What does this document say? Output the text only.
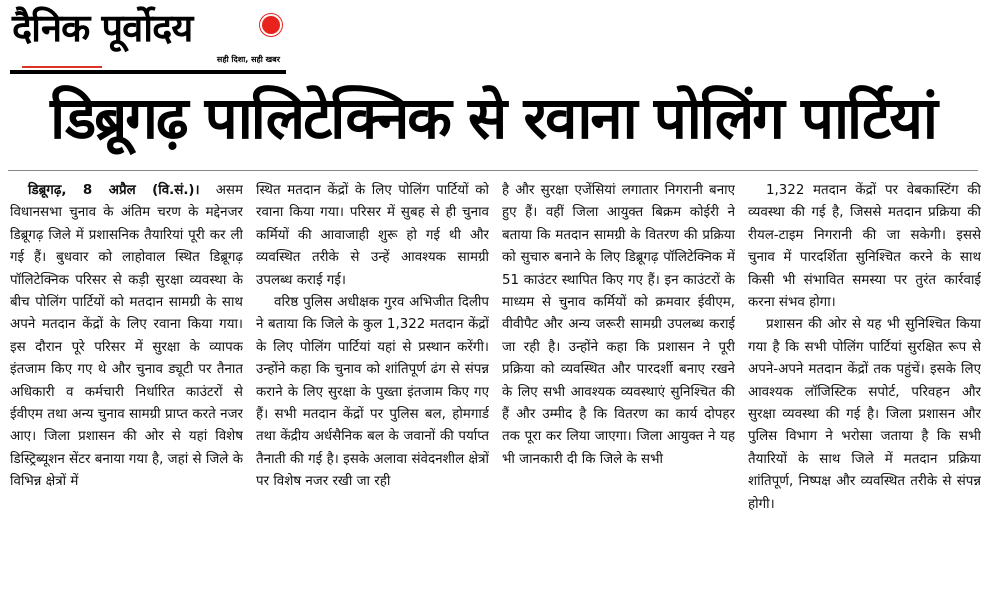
दैनिक पूर्वोदय
सही दिशा, सही खबर
डिब्रूगढ़ पालिटेक्निक से रवाना पोलिंग पार्टियां

डिब्रूगढ़, 8 अप्रैल (वि.सं.)। असम विधानसभा चुनाव के अंतिम चरण के मद्देनजर डिब्रूगढ़ जिले में प्रशासनिक तैयारियां पूरी कर ली गई हैं। बुधवार को लाहोवाल स्थित डिब्रूगढ़ पॉलिटेक्निक परिसर से कड़ी सुरक्षा व्यवस्था के बीच पोलिंग पार्टियों को मतदान सामग्री के साथ अपने मतदान केंद्रों के लिए रवाना किया गया। इस दौरान पूरे परिसर में सुरक्षा के व्यापक इंतजाम किए गए थे और चुनाव ड्यूटी पर तैनात अधिकारी व कर्मचारी निर्धारित काउंटरों से ईवीएम तथा अन्य चुनाव सामग्री प्राप्त करते नजर आए। जिला प्रशासन की ओर से यहां विशेष डिस्ट्रिब्यूशन सेंटर बनाया गया है, जहां से जिले के विभिन्न क्षेत्रों में

स्थित मतदान केंद्रों के लिए पोलिंग पार्टियों को रवाना किया गया। परिसर में सुबह से ही चुनाव कर्मियों की आवाजाही शुरू हो गई थी और व्यवस्थित तरीके से उन्हें आवश्यक सामग्री उपलब्ध कराई गई।

वरिष्ठ पुलिस अधीक्षक गुरव अभिजीत दिलीप ने बताया कि जिले के कुल 1,322 मतदान केंद्रों के लिए पोलिंग पार्टियां यहां से प्रस्थान करेंगी। उन्होंने कहा कि चुनाव को शांतिपूर्ण ढंग से संपन्न कराने के लिए सुरक्षा के पुख्ता इंतजाम किए गए हैं। सभी मतदान केंद्रों पर पुलिस बल, होमगार्ड तथा केंद्रीय अर्धसैनिक बल के जवानों की पर्याप्त तैनाती की गई है। इसके अलावा संवेदनशील क्षेत्रों पर विशेष नजर रखी जा रही

है और सुरक्षा एजेंसियां लगातार निगरानी बनाए हुए हैं। वहीं जिला आयुक्त बिक्रम कोईरी ने बताया कि मतदान सामग्री के वितरण की प्रक्रिया को सुचारु बनाने के लिए डिब्रूगढ़ पॉलिटेक्निक में 51 काउंटर स्थापित किए गए हैं। इन काउंटरों के माध्यम से चुनाव कर्मियों को क्रमवार ईवीएम, वीवीपैट और अन्य जरूरी सामग्री उपलब्ध कराई जा रही है। उन्होंने कहा कि प्रशासन ने पूरी प्रक्रिया को व्यवस्थित और पारदर्शी बनाए रखने के लिए सभी आवश्यक व्यवस्थाएं सुनिश्चित की हैं और उम्मीद है कि वितरण का कार्य दोपहर तक पूरा कर लिया जाएगा। जिला आयुक्त ने यह भी जानकारी दी कि जिले के सभी

1,322 मतदान केंद्रों पर वेबकास्टिंग की व्यवस्था की गई है, जिससे मतदान प्रक्रिया की रीयल-टाइम निगरानी की जा सकेगी। इससे चुनाव में पारदर्शिता सुनिश्चित करने के साथ किसी भी संभावित समस्या पर तुरंत कार्रवाई करना संभव होगा।

प्रशासन की ओर से यह भी सुनिश्चित किया गया है कि सभी पोलिंग पार्टियां सुरक्षित रूप से अपने-अपने मतदान केंद्रों तक पहुंचें। इसके लिए आवश्यक लॉजिस्टिक सपोर्ट, परिवहन और सुरक्षा व्यवस्था की गई है। जिला प्रशासन और पुलिस विभाग ने भरोसा जताया है कि सभी तैयारियों के साथ जिले में मतदान प्रक्रिया शांतिपूर्ण, निष्पक्ष और व्यवस्थित तरीके से संपन्न होगी।
